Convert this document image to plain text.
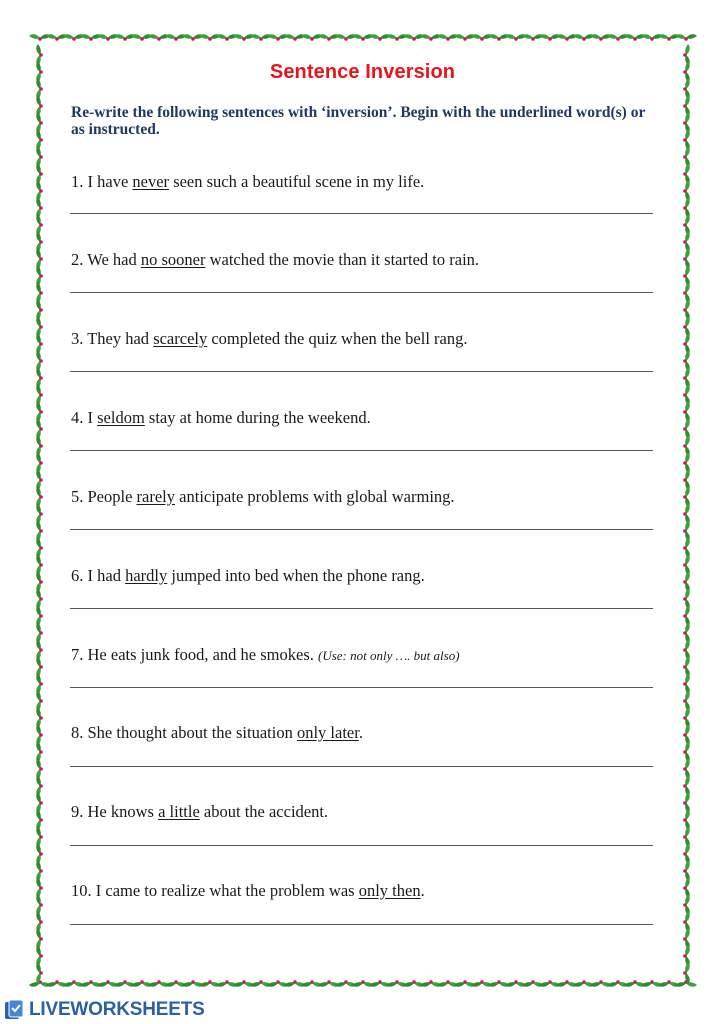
Sentence Inversion
Re-write the following sentences with ‘inversion’. Begin with the underlined word(s) or as instructed.
1. I have never seen such a beautiful scene in my life.
2. We had no sooner watched the movie than it started to rain.
3. They had scarcely completed the quiz when the bell rang.
4. I seldom stay at home during the weekend.
5. People rarely anticipate problems with global warming.
6. I had hardly jumped into bed when the phone rang.
7. He eats junk food, and he smokes. (Use: not only …. but also)
8. She thought about the situation only later.
9. He knows a little about the accident.
10. I came to realize what the problem was only then.
LIVEWORKSHEETS
